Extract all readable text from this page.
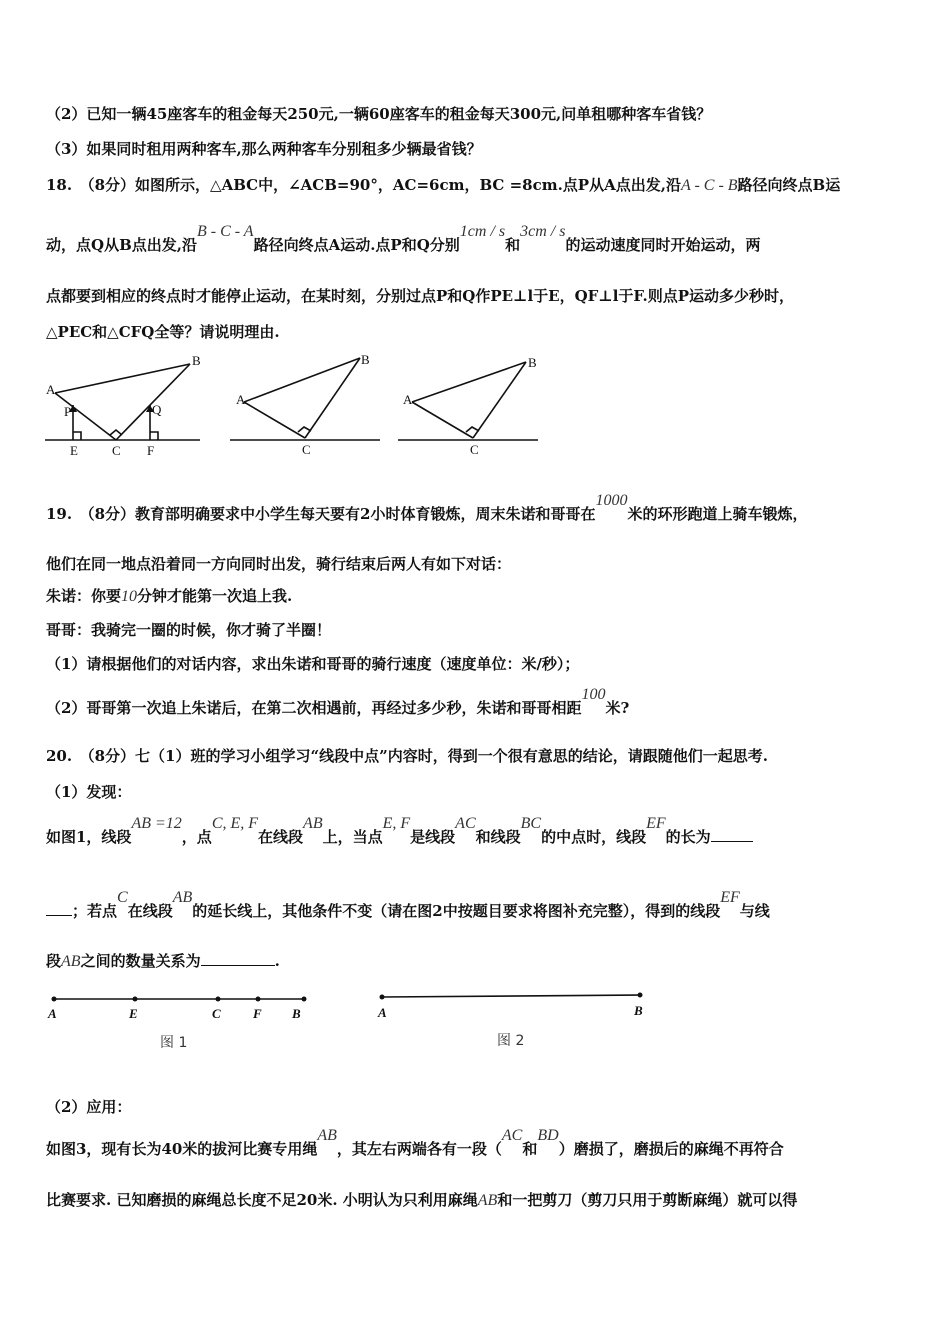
（2）已知一辆45座客车的租金每天250元,一辆60座客车的租金每天300元,问单租哪种客车省钱？
（3）如果同时租用两种客车,那么两种客车分别租多少辆最省钱？
18.　（8分）如图所示，△ABC中，∠ACB=90°，AC=6cm，BC =8cm.点P从A点出发,沿A - C - B路径向终点B运
动，点Q从B点出发,沿B - C - A路径向终点A运动.点P和Q分别1cm / s和3cm / s的运动速度同时开始运动，两
点都要到相应的终点时才能停止运动，在某时刻，分别过点P和Q作PE⊥l于E，QF⊥l于F.则点P运动多少秒时，
△PEC和△CFQ全等？请说明理由.
A
B
P	Q
E	C F
A
B
C
A
B
C
19.　（8分）教育部明确要求中小学生每天要有2小时体育锻炼，周末朱诺和哥哥在1000米的环形跑道上骑车锻炼，
他们在同一地点沿着同一方向同时出发，骑行结束后两人有如下对话：
朱诺：你要10分钟才能第一次追上我.
哥哥：我骑完一圈的时候，你才骑了半圈！
（1）请根据他们的对话内容，求出朱诺和哥哥的骑行速度（速度单位：米/秒）；
（2）哥哥第一次追上朱诺后，在第二次相遇前，再经过多少秒，朱诺和哥哥相距100米?
20.　（8分）七（1）班的学习小组学习“线段中点”内容时，得到一个很有意思的结论，请跟随他们一起思考.
（1）发现：
如图1，线段AB =12，点C, E, F在线段AB上，当点E, F是线段AC和线段BC的中点时，线段EF的长为
；若点C在线段AB的延长线上，其他条件不变（请在图2中按题目要求将图补充完整），得到的线段EF与线
段AB之间的数量关系为	.
A	E	C F B
图 1
A	B
图 2
（2）应用：
如图3，现有长为40米的拔河比赛专用绳AB，其左右两端各有一段（AC和BD）磨损了，磨损后的麻绳不再符合
比赛要求. 已知磨损的麻绳总长度不足20米. 小明认为只利用麻绳AB和一把剪刀（剪刀只用于剪断麻绳）就可以得
